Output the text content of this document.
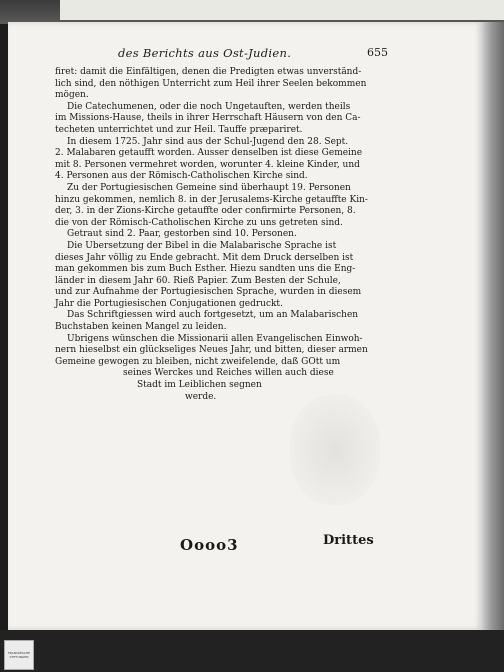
des Berichts aus Ost-Judien.	655
firet: damit die Einfältigen, denen die Predigten etwas unverständ-
lich sind, den nöthigen Unterricht zum Heil ihrer Seelen bekommen
mögen.
Die Catechumenen, oder die noch Ungetauften, werden theils
im Missions-Hause, theils in ihrer Herrschaft Häusern von den Ca-
techeten unterrichtet und zur Heil. Tauffe præpariret.
In diesem 1725. Jahr sind aus der Schul-Jugend den 28. Sept.
2. Malabaren getaufft worden. Ausser denselben ist diese Gemeine
mit 8. Personen vermehret worden, worunter 4. kleine Kinder, und
4. Personen aus der Römisch-Catholischen Kirche sind.
Zu der Portugiesischen Gemeine sind überhaupt 19. Personen
hinzu gekommen, nemlich 8. in der Jerusalems-Kirche getauffte Kin-
der, 3. in der Zions-Kirche getauffte oder confirmirte Personen, 8.
die von der Römisch-Catholischen Kirche zu uns getreten sind.
Getraut sind 2. Paar, gestorben sind 10. Personen.
Die Ubersetzung der Bibel in die Malabarische Sprache ist
dieses Jahr völlig zu Ende gebracht. Mit dem Druck derselben ist
man gekommen bis zum Buch Esther. Hiezu sandten uns die Eng-
länder in diesem Jahr 60. Rieß Papier. Zum Besten der Schule,
und zur Aufnahme der Portugiesischen Sprache, wurden in diesem
Jahr die Portugiesischen Conjugationen gedruckt.
Das Schriftgiessen wird auch fortgesetzt, um an Malabarischen
Buchstaben keinen Mangel zu leiden.
Ubrigens wünschen die Missionarii allen Evangelischen Einwoh-
nern hieselbst ein glückseliges Neues Jahr, und bitten, dieser armen
Gemeine gewogen zu bleiben, nicht zweifelende, daß GOtt um
seines Werckes und Reiches willen auch diese
Stadt im Leiblichen segnen
werde.
Oooo3	Drittes
FRANCKESCHE STIFTUNGEN
